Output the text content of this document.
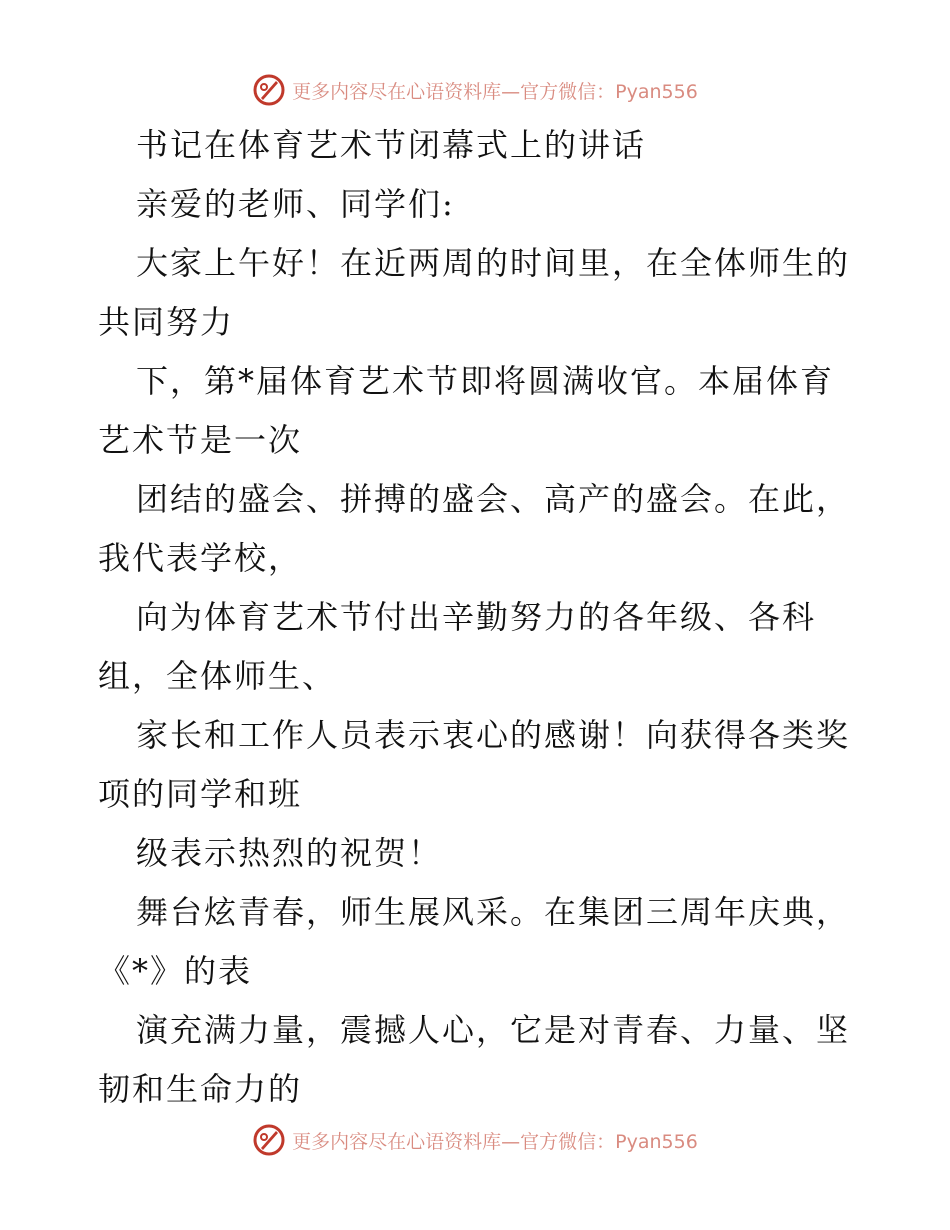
更多内容尽在心语资料库—官方微信：Pyan556
书记在体育艺术节闭幕式上的讲话
亲爱的老师、同学们:
大家上午好！在近两周的时间里，在全体师生的
共同努力
下，第*届体育艺术节即将圆满收官。本届体育
艺术节是一次
团结的盛会、拼搏的盛会、高产的盛会。在此，
我代表学校，
向为体育艺术节付出辛勤努力的各年级、各科
组，全体师生、
家长和工作人员表示衷心的感谢！向获得各类奖
项的同学和班
级表示热烈的祝贺！
舞台炫青春，师生展风采。在集团三周年庆典，
《*》的表
演充满力量，震撼人心，它是对青春、力量、坚
韧和生命力的
更多内容尽在心语资料库—官方微信：Pyan556
